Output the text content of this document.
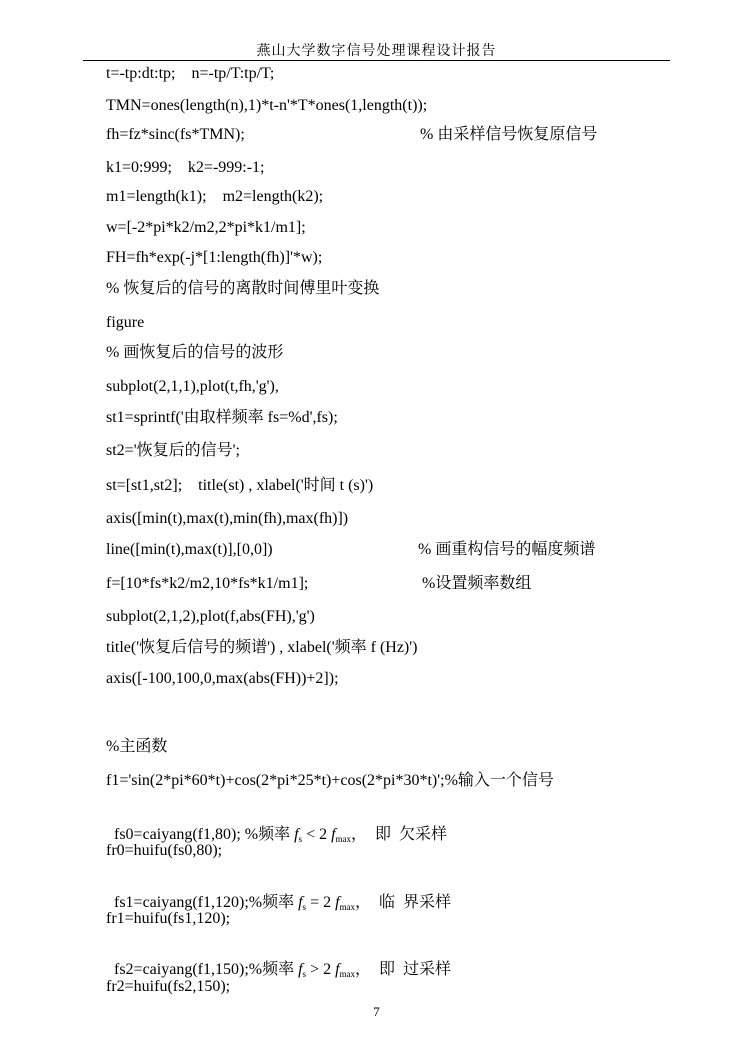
燕山大学数字信号处理课程设计报告
t=-tp:dt:tp;    n=-tp/T:tp/T;
TMN=ones(length(n),1)*t-n'*T*ones(1,length(t));
fh=fz*sinc(fs*TMN);	% 由采样信号恢复原信号
k1=0:999;    k2=-999:-1;
m1=length(k1);    m2=length(k2);
w=[-2*pi*k2/m2,2*pi*k1/m1];
FH=fh*exp(-j*[1:length(fh)]'*w);
% 恢复后的信号的离散时间傅里叶变换
figure
% 画恢复后的信号的波形
subplot(2,1,1),plot(t,fh,'g'),
st1=sprintf('由取样频率 fs=%d',fs);
st2='恢复后的信号';
st=[st1,st2];    title(st) , xlabel('时间 t (s)')
axis([min(t),max(t),min(fh),max(fh)])
line([min(t),max(t)],[0,0])	% 画重构信号的幅度频谱
f=[10*fs*k2/m2,10*fs*k1/m1];	%设置频率数组
subplot(2,1,2),plot(f,abs(FH),'g')
title('恢复后信号的频谱') , xlabel('频率 f (Hz)')
axis([-100,100,0,max(abs(FH))+2]);
%主函数
f1='sin(2*pi*60*t)+cos(2*pi*25*t)+cos(2*pi*30*t)';%输入一个信号

fs0=caiyang(f1,80); %频率 fs < 2 fmax，  即  欠采样

fr0=huifu(fs0,80);

fs1=caiyang(f1,120);%频率 fs = 2 fmax，  临  界采样

fr1=huifu(fs1,120);

fs2=caiyang(f1,150);%频率 fs > 2 fmax，  即  过采样

fr2=huifu(fs2,150);
7
